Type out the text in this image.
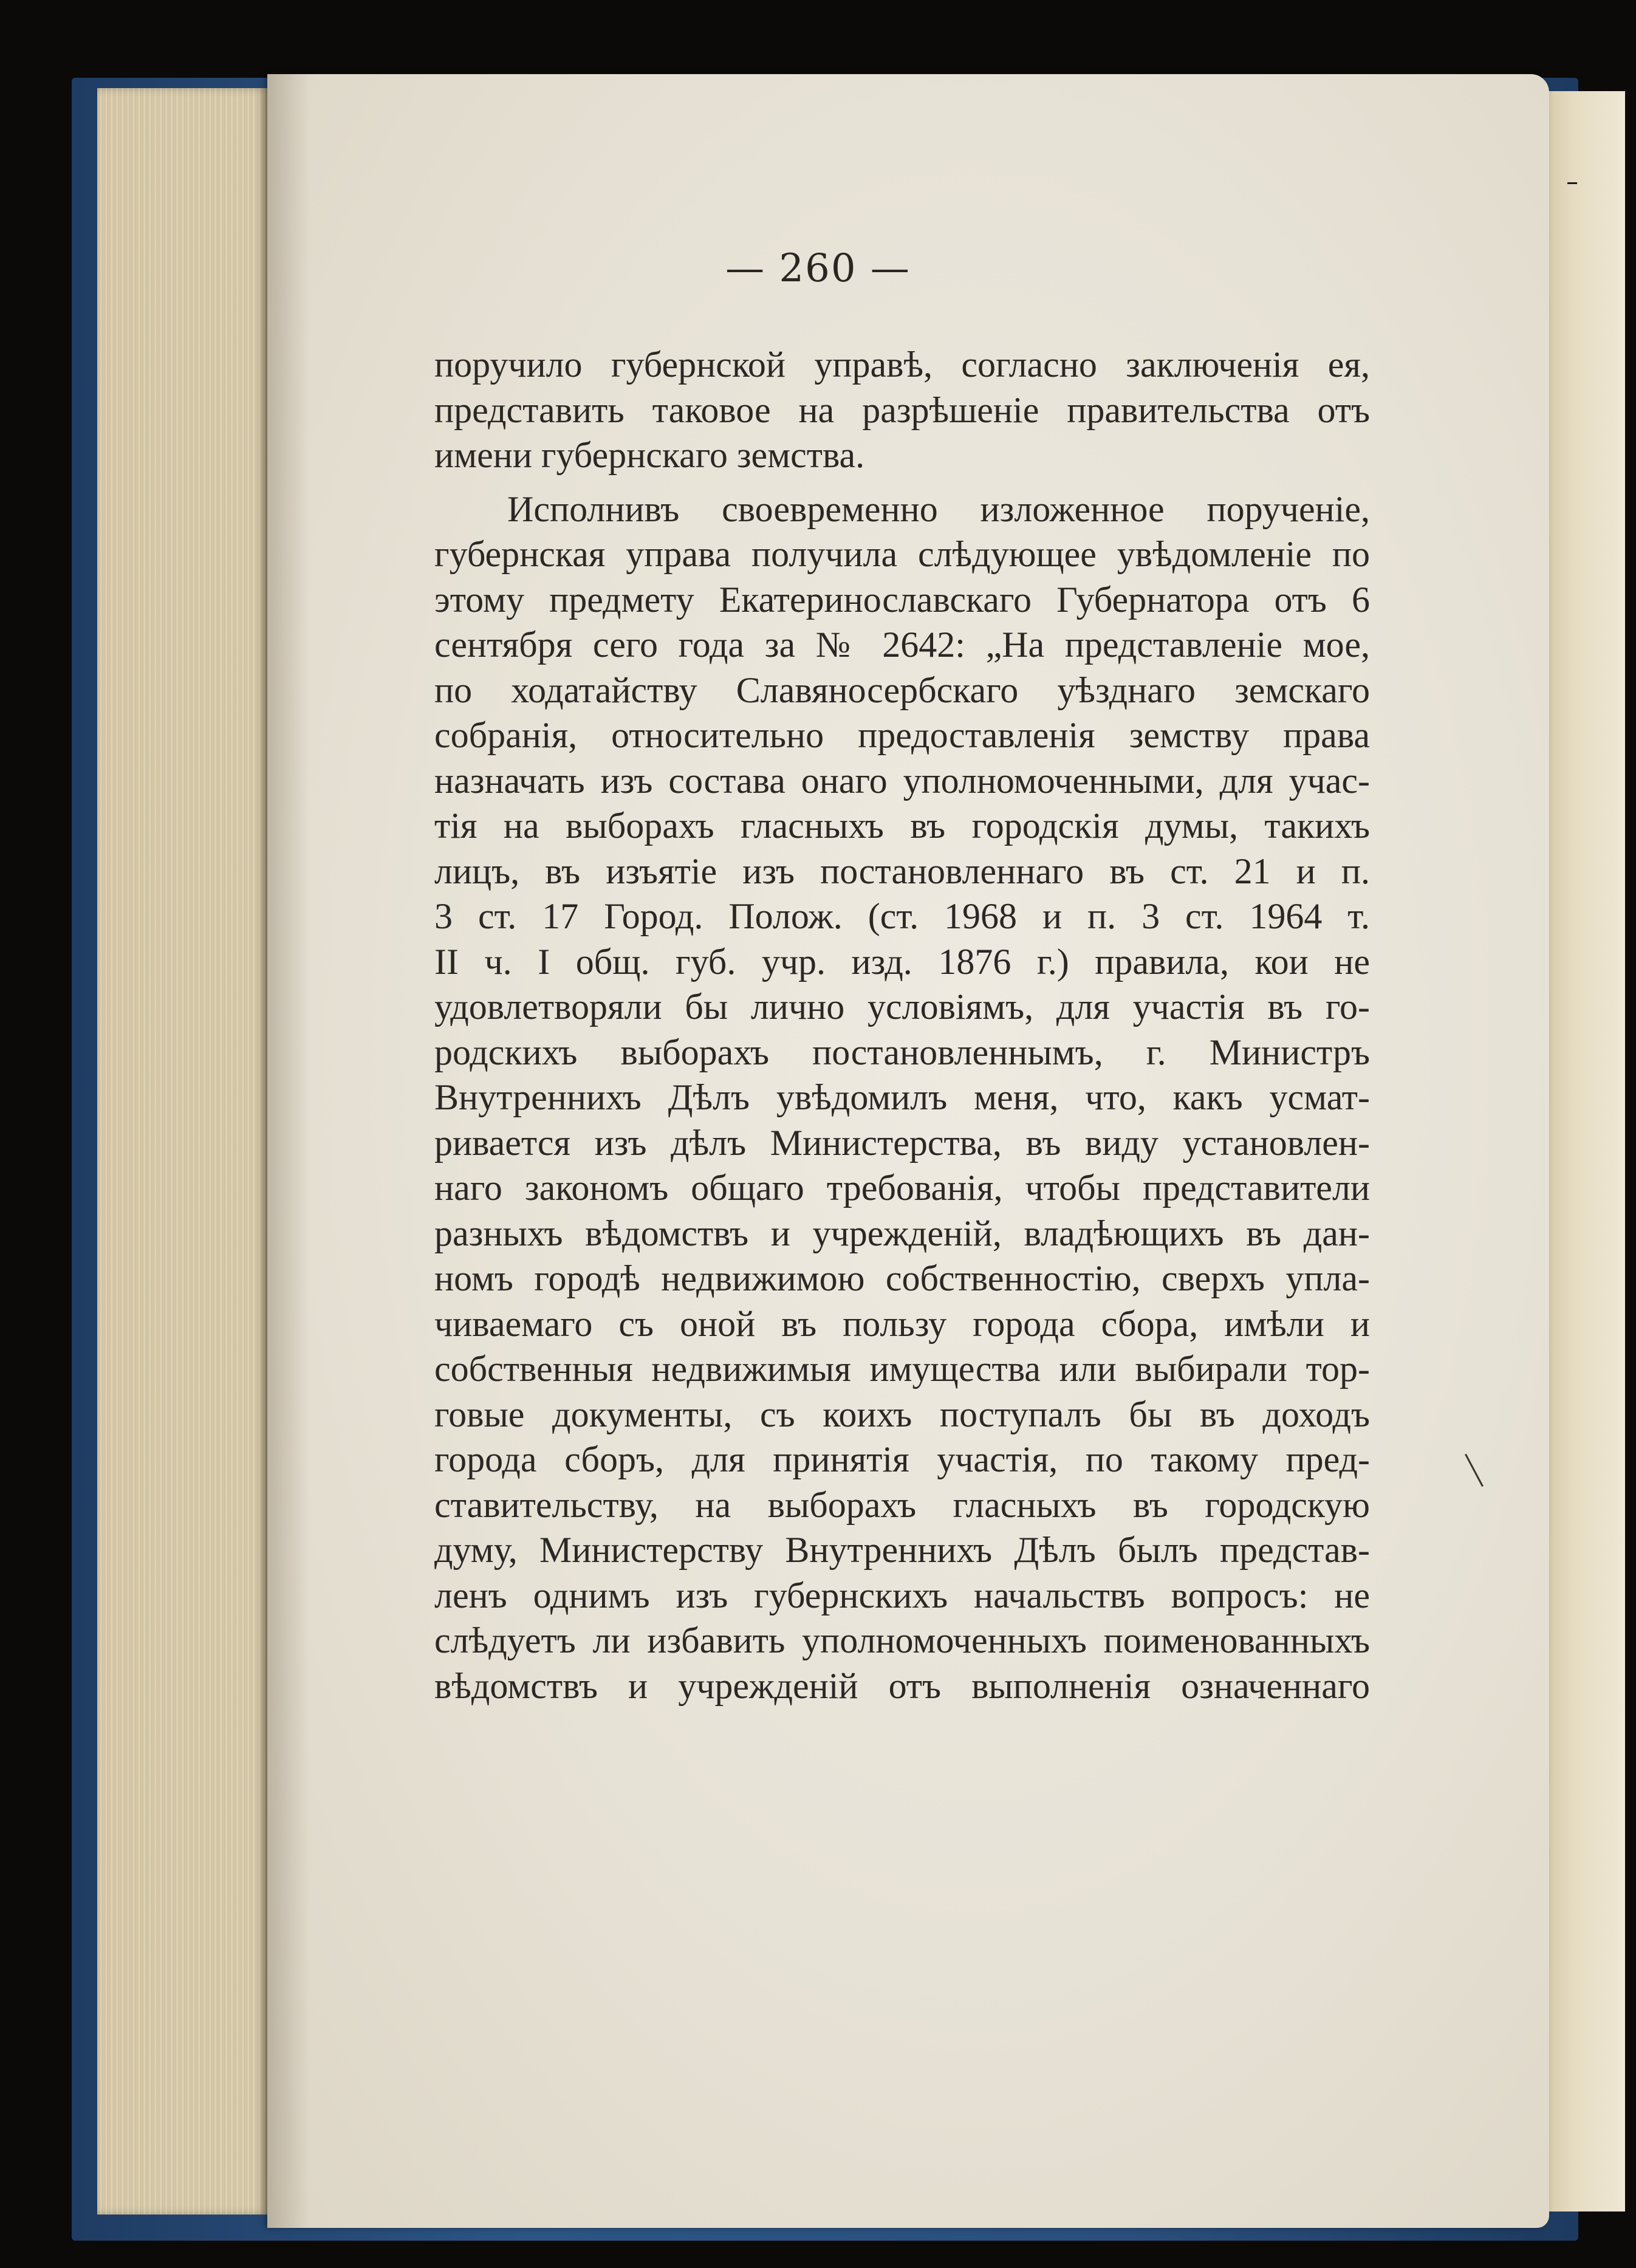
— 260 —
поручило губернской управѣ, согласно заключенія ея,
представить таковое на разрѣшеніе правительства отъ
имени губернскаго земства.
Исполнивъ своевременно изложенное порученіе,
губернская управа получила слѣдующее увѣдомленіе по
этому предмету Екатеринославскаго Губернатора отъ 6
сентября сего года за № 2642: „На представленіе мое,
по ходатайству Славяносербскаго уѣзднаго земскаго
собранія, относительно предоставленія земству права
назначать изъ состава онаго уполномоченными, для учас-
тія на выборахъ гласныхъ въ городскія думы, такихъ
лицъ, въ изъятіе изъ постановленнаго въ ст. 21 и п.
3 ст. 17 Город. Полож. (ст. 1968 и п. 3 ст. 1964 т.
II ч. I общ. губ. учр. изд. 1876 г.) правила, кои не
удовлетворяли бы лично условіямъ, для участія въ го-
родскихъ выборахъ постановленнымъ, г. Министръ
Внутреннихъ Дѣлъ увѣдомилъ меня, что, какъ усмат-
ривается изъ дѣлъ Министерства, въ виду установлен-
наго закономъ общаго требованія, чтобы представители
разныхъ вѣдомствъ и учрежденій, владѣющихъ въ дан-
номъ городѣ недвижимою собственностію, сверхъ упла-
чиваемаго съ оной въ пользу города сбора, имѣли и
собственныя недвижимыя имущества или выбирали тор-
говые документы, съ коихъ поступалъ бы въ доходъ
города сборъ, для принятія участія, по такому пред-
ставительству, на выборахъ гласныхъ въ городскую
думу, Министерству Внутреннихъ Дѣлъ былъ представ-
ленъ однимъ изъ губернскихъ начальствъ вопросъ: не
слѣдуетъ ли избавить уполномоченныхъ поименованныхъ
вѣдомствъ и учрежденій отъ выполненія означеннаго
